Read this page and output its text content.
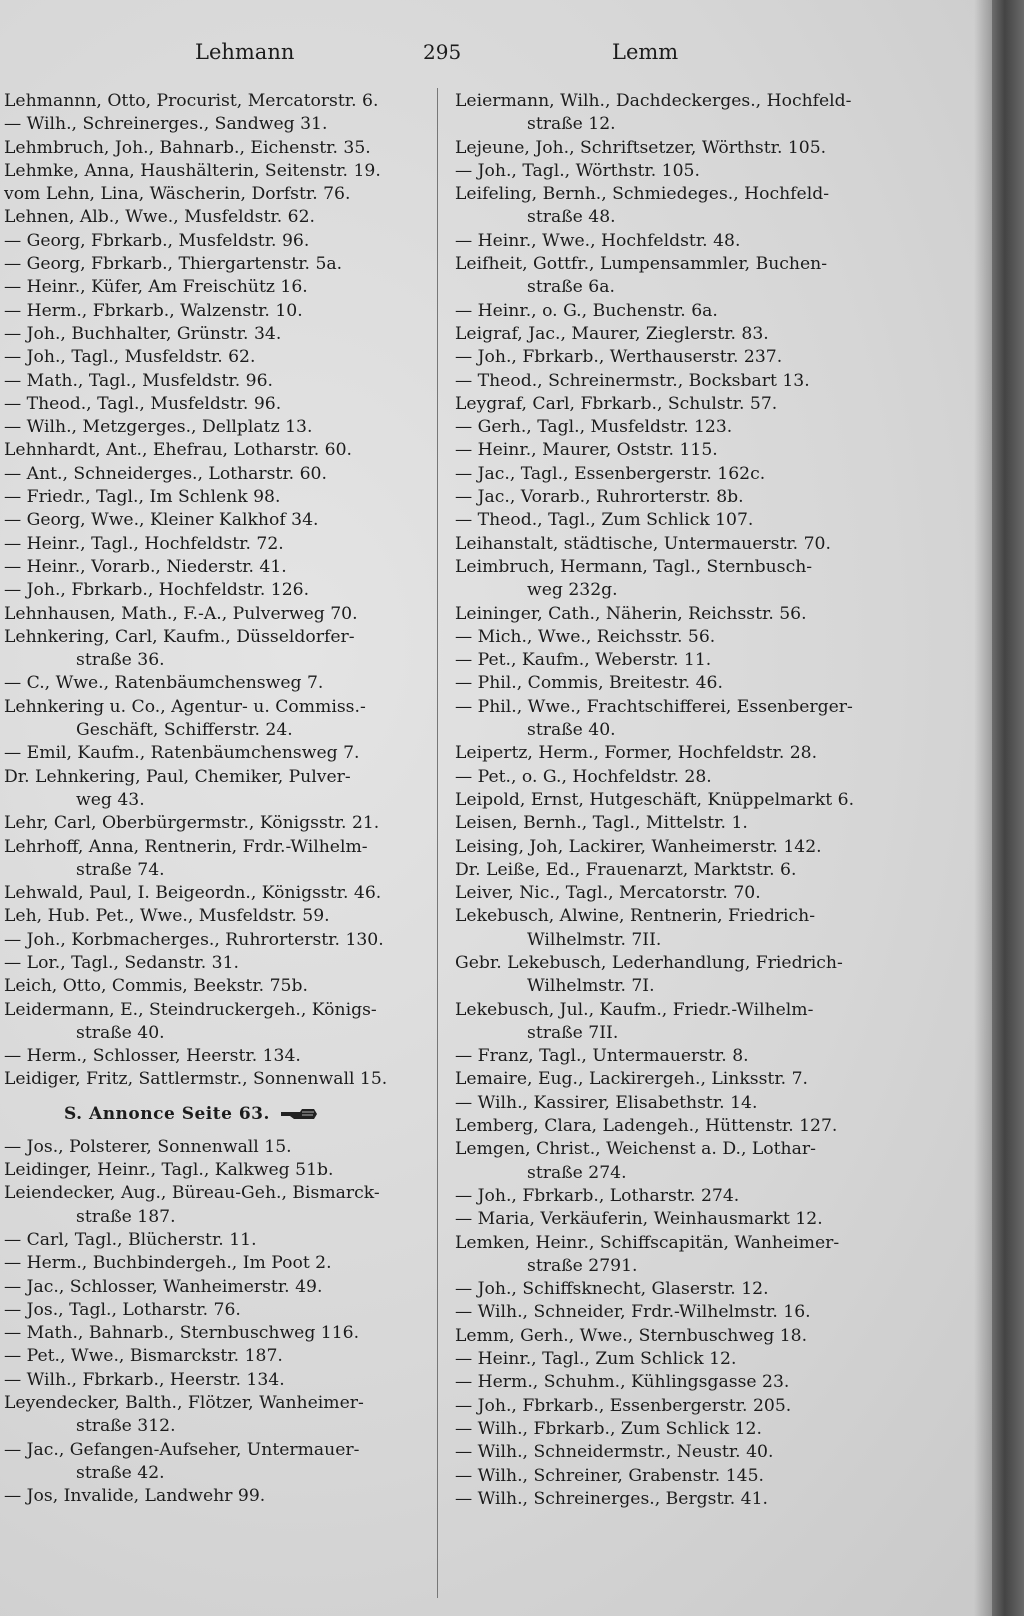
Lehmann	295	Lemm
Lehmannn, Otto, Procurist, Mercatorstr. 6.
— Wilh., Schreinerges., Sandweg 31.
Lehmbruch, Joh., Bahnarb., Eichenstr. 35.
Lehmke, Anna, Haushälterin, Seitenstr. 19.
vom Lehn, Lina, Wäscherin, Dorfstr. 76.
Lehnen, Alb., Wwe., Musfeldstr. 62.
— Georg, Fbrkarb., Musfeldstr. 96.
— Georg, Fbrkarb., Thiergartenstr. 5a.
— Heinr., Küfer, Am Freischütz 16.
— Herm., Fbrkarb., Walzenstr. 10.
— Joh., Buchhalter, Grünstr. 34.
— Joh., Tagl., Musfeldstr. 62.
— Math., Tagl., Musfeldstr. 96.
— Theod., Tagl., Musfeldstr. 96.
— Wilh., Metzgerges., Dellplatz 13.
Lehnhardt, Ant., Ehefrau, Lotharstr. 60.
— Ant., Schneiderges., Lotharstr. 60.
— Friedr., Tagl., Im Schlenk 98.
— Georg, Wwe., Kleiner Kalkhof 34.
— Heinr., Tagl., Hochfeldstr. 72.
— Heinr., Vorarb., Niederstr. 41.
— Joh., Fbrkarb., Hochfeldstr. 126.
Lehnhausen, Math., F.-A., Pulverweg 70.
Lehnkering, Carl, Kaufm., Düsseldorfer-
straße 36.
— C., Wwe., Ratenbäumchensweg 7.
Lehnkering u. Co., Agentur- u. Commiss.-
Geschäft, Schifferstr. 24.
— Emil, Kaufm., Ratenbäumchensweg 7.
Dr. Lehnkering, Paul, Chemiker, Pulver-
weg 43.
Lehr, Carl, Oberbürgermstr., Königsstr. 21.
Lehrhoff, Anna, Rentnerin, Frdr.-Wilhelm-
straße 74.
Lehwald, Paul, I. Beigeordn., Königsstr. 46.
Leh, Hub. Pet., Wwe., Musfeldstr. 59.
— Joh., Korbmacherges., Ruhrorterstr. 130.
— Lor., Tagl., Sedanstr. 31.
Leich, Otto, Commis, Beekstr. 75b.
Leidermann, E., Steindruckergeh., Königs-
straße 40.
— Herm., Schlosser, Heerstr. 134.
Leidiger, Fritz, Sattlermstr., Sonnenwall 15.
S. Annonce Seite 63.
— Jos., Polsterer, Sonnenwall 15.
Leidinger, Heinr., Tagl., Kalkweg 51b.
Leiendecker, Aug., Büreau-Geh., Bismarck-
straße 187.
— Carl, Tagl., Blücherstr. 11.
— Herm., Buchbindergeh., Im Poot 2.
— Jac., Schlosser, Wanheimerstr. 49.
— Jos., Tagl., Lotharstr. 76.
— Math., Bahnarb., Sternbuschweg 116.
— Pet., Wwe., Bismarckstr. 187.
— Wilh., Fbrkarb., Heerstr. 134.
Leyendecker, Balth., Flötzer, Wanheimer-
straße 312.
— Jac., Gefangen-Aufseher, Untermauer-
straße 42.
— Jos, Invalide, Landwehr 99.
Leiermann, Wilh., Dachdeckerges., Hochfeld-
straße 12.
Lejeune, Joh., Schriftsetzer, Wörthstr. 105.
— Joh., Tagl., Wörthstr. 105.
Leifeling, Bernh., Schmiedeges., Hochfeld-
straße 48.
— Heinr., Wwe., Hochfeldstr. 48.
Leifheit, Gottfr., Lumpensammler, Buchen-
straße 6a.
— Heinr., o. G., Buchenstr. 6a.
Leigraf, Jac., Maurer, Zieglerstr. 83.
— Joh., Fbrkarb., Werthauserstr. 237.
— Theod., Schreinermstr., Bocksbart 13.
Leygraf, Carl, Fbrkarb., Schulstr. 57.
— Gerh., Tagl., Musfeldstr. 123.
— Heinr., Maurer, Oststr. 115.
— Jac., Tagl., Essenbergerstr. 162c.
— Jac., Vorarb., Ruhrorterstr. 8b.
— Theod., Tagl., Zum Schlick 107.
Leihanstalt, städtische, Untermauerstr. 70.
Leimbruch, Hermann, Tagl., Sternbusch-
weg 232g.
Leininger, Cath., Näherin, Reichsstr. 56.
— Mich., Wwe., Reichsstr. 56.
— Pet., Kaufm., Weberstr. 11.
— Phil., Commis, Breitestr. 46.
— Phil., Wwe., Frachtschifferei, Essenberger-
straße 40.
Leipertz, Herm., Former, Hochfeldstr. 28.
— Pet., o. G., Hochfeldstr. 28.
Leipold, Ernst, Hutgeschäft, Knüppelmarkt 6.
Leisen, Bernh., Tagl., Mittelstr. 1.
Leising, Joh, Lackirer, Wanheimerstr. 142.
Dr. Leiße, Ed., Frauenarzt, Marktstr. 6.
Leiver, Nic., Tagl., Mercatorstr. 70.
Lekebusch, Alwine, Rentnerin, Friedrich-
Wilhelmstr. 7II.
Gebr. Lekebusch, Lederhandlung, Friedrich-
Wilhelmstr. 7I.
Lekebusch, Jul., Kaufm., Friedr.-Wilhelm-
straße 7II.
— Franz, Tagl., Untermauerstr. 8.
Lemaire, Eug., Lackirergeh., Linksstr. 7.
— Wilh., Kassirer, Elisabethstr. 14.
Lemberg, Clara, Ladengeh., Hüttenstr. 127.
Lemgen, Christ., Weichenst a. D., Lothar-
straße 274.
— Joh., Fbrkarb., Lotharstr. 274.
— Maria, Verkäuferin, Weinhausmarkt 12.
Lemken, Heinr., Schiffscapitän, Wanheimer-
straße 2791.
— Joh., Schiffsknecht, Glaserstr. 12.
— Wilh., Schneider, Frdr.-Wilhelmstr. 16.
Lemm, Gerh., Wwe., Sternbuschweg 18.
— Heinr., Tagl., Zum Schlick 12.
— Herm., Schuhm., Kühlingsgasse 23.
— Joh., Fbrkarb., Essenbergerstr. 205.
— Wilh., Fbrkarb., Zum Schlick 12.
— Wilh., Schneidermstr., Neustr. 40.
— Wilh., Schreiner, Grabenstr. 145.
— Wilh., Schreinerges., Bergstr. 41.
